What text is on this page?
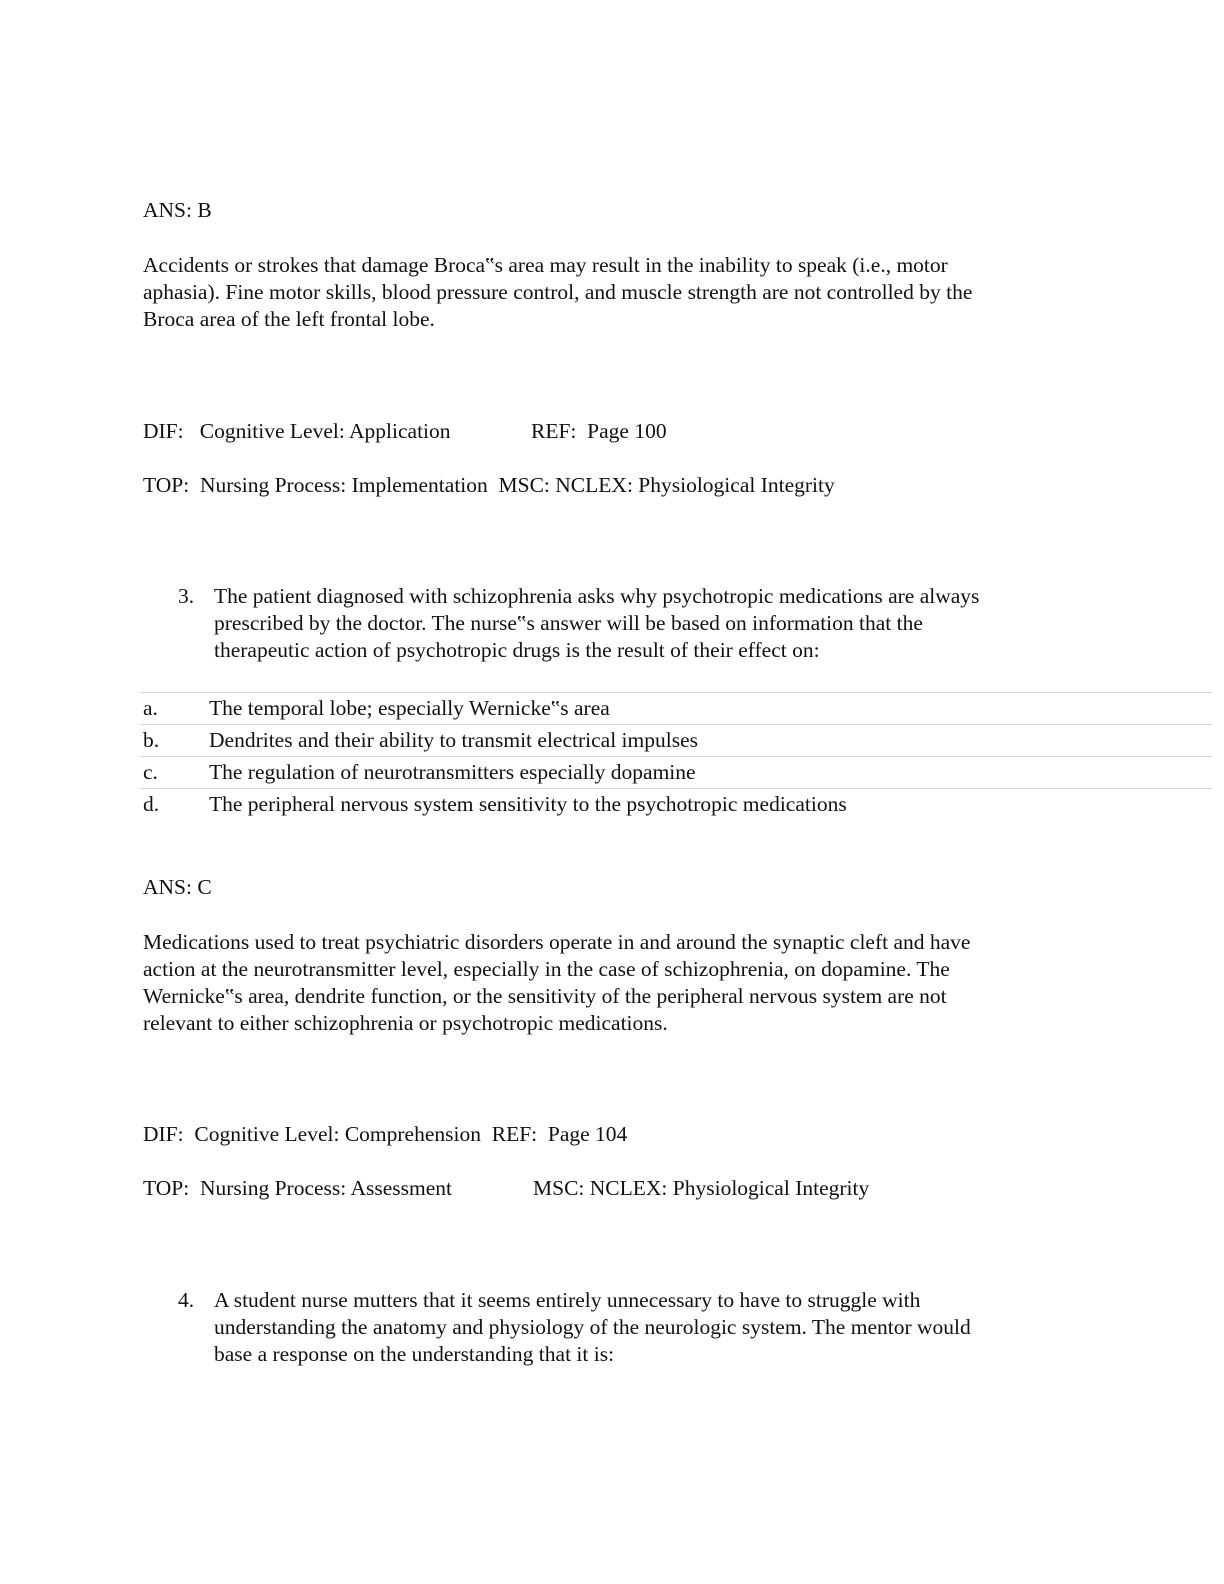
ANS: B
Accidents or strokes that damage Broca‟s area may result in the inability to speak (i.e., motor
aphasia). Fine motor skills, blood pressure control, and muscle strength are not controlled by the
Broca area of the left frontal lobe.
DIF:   Cognitive Level: Application	REF:  Page 100
TOP:  Nursing Process: Implementation  MSC: NCLEX: Physiological Integrity
3. The patient diagnosed with schizophrenia asks why psychotropic medications are always
prescribed by the doctor. The nurse‟s answer will be based on information that the
therapeutic action of psychotropic drugs is the result of their effect on:
a. The temporal lobe; especially Wernicke‟s area
b. Dendrites and their ability to transmit electrical impulses
c. The regulation of neurotransmitters especially dopamine
d. The peripheral nervous system sensitivity to the psychotropic medications
ANS: C
Medications used to treat psychiatric disorders operate in and around the synaptic cleft and have
action at the neurotransmitter level, especially in the case of schizophrenia, on dopamine. The
Wernicke‟s area, dendrite function, or the sensitivity of the peripheral nervous system are not
relevant to either schizophrenia or psychotropic medications.
DIF:  Cognitive Level: Comprehension  REF:  Page 104
TOP:  Nursing Process: Assessment	MSC: NCLEX: Physiological Integrity
4. A student nurse mutters that it seems entirely unnecessary to have to struggle with
understanding the anatomy and physiology of the neurologic system. The mentor would
base a response on the understanding that it is:
